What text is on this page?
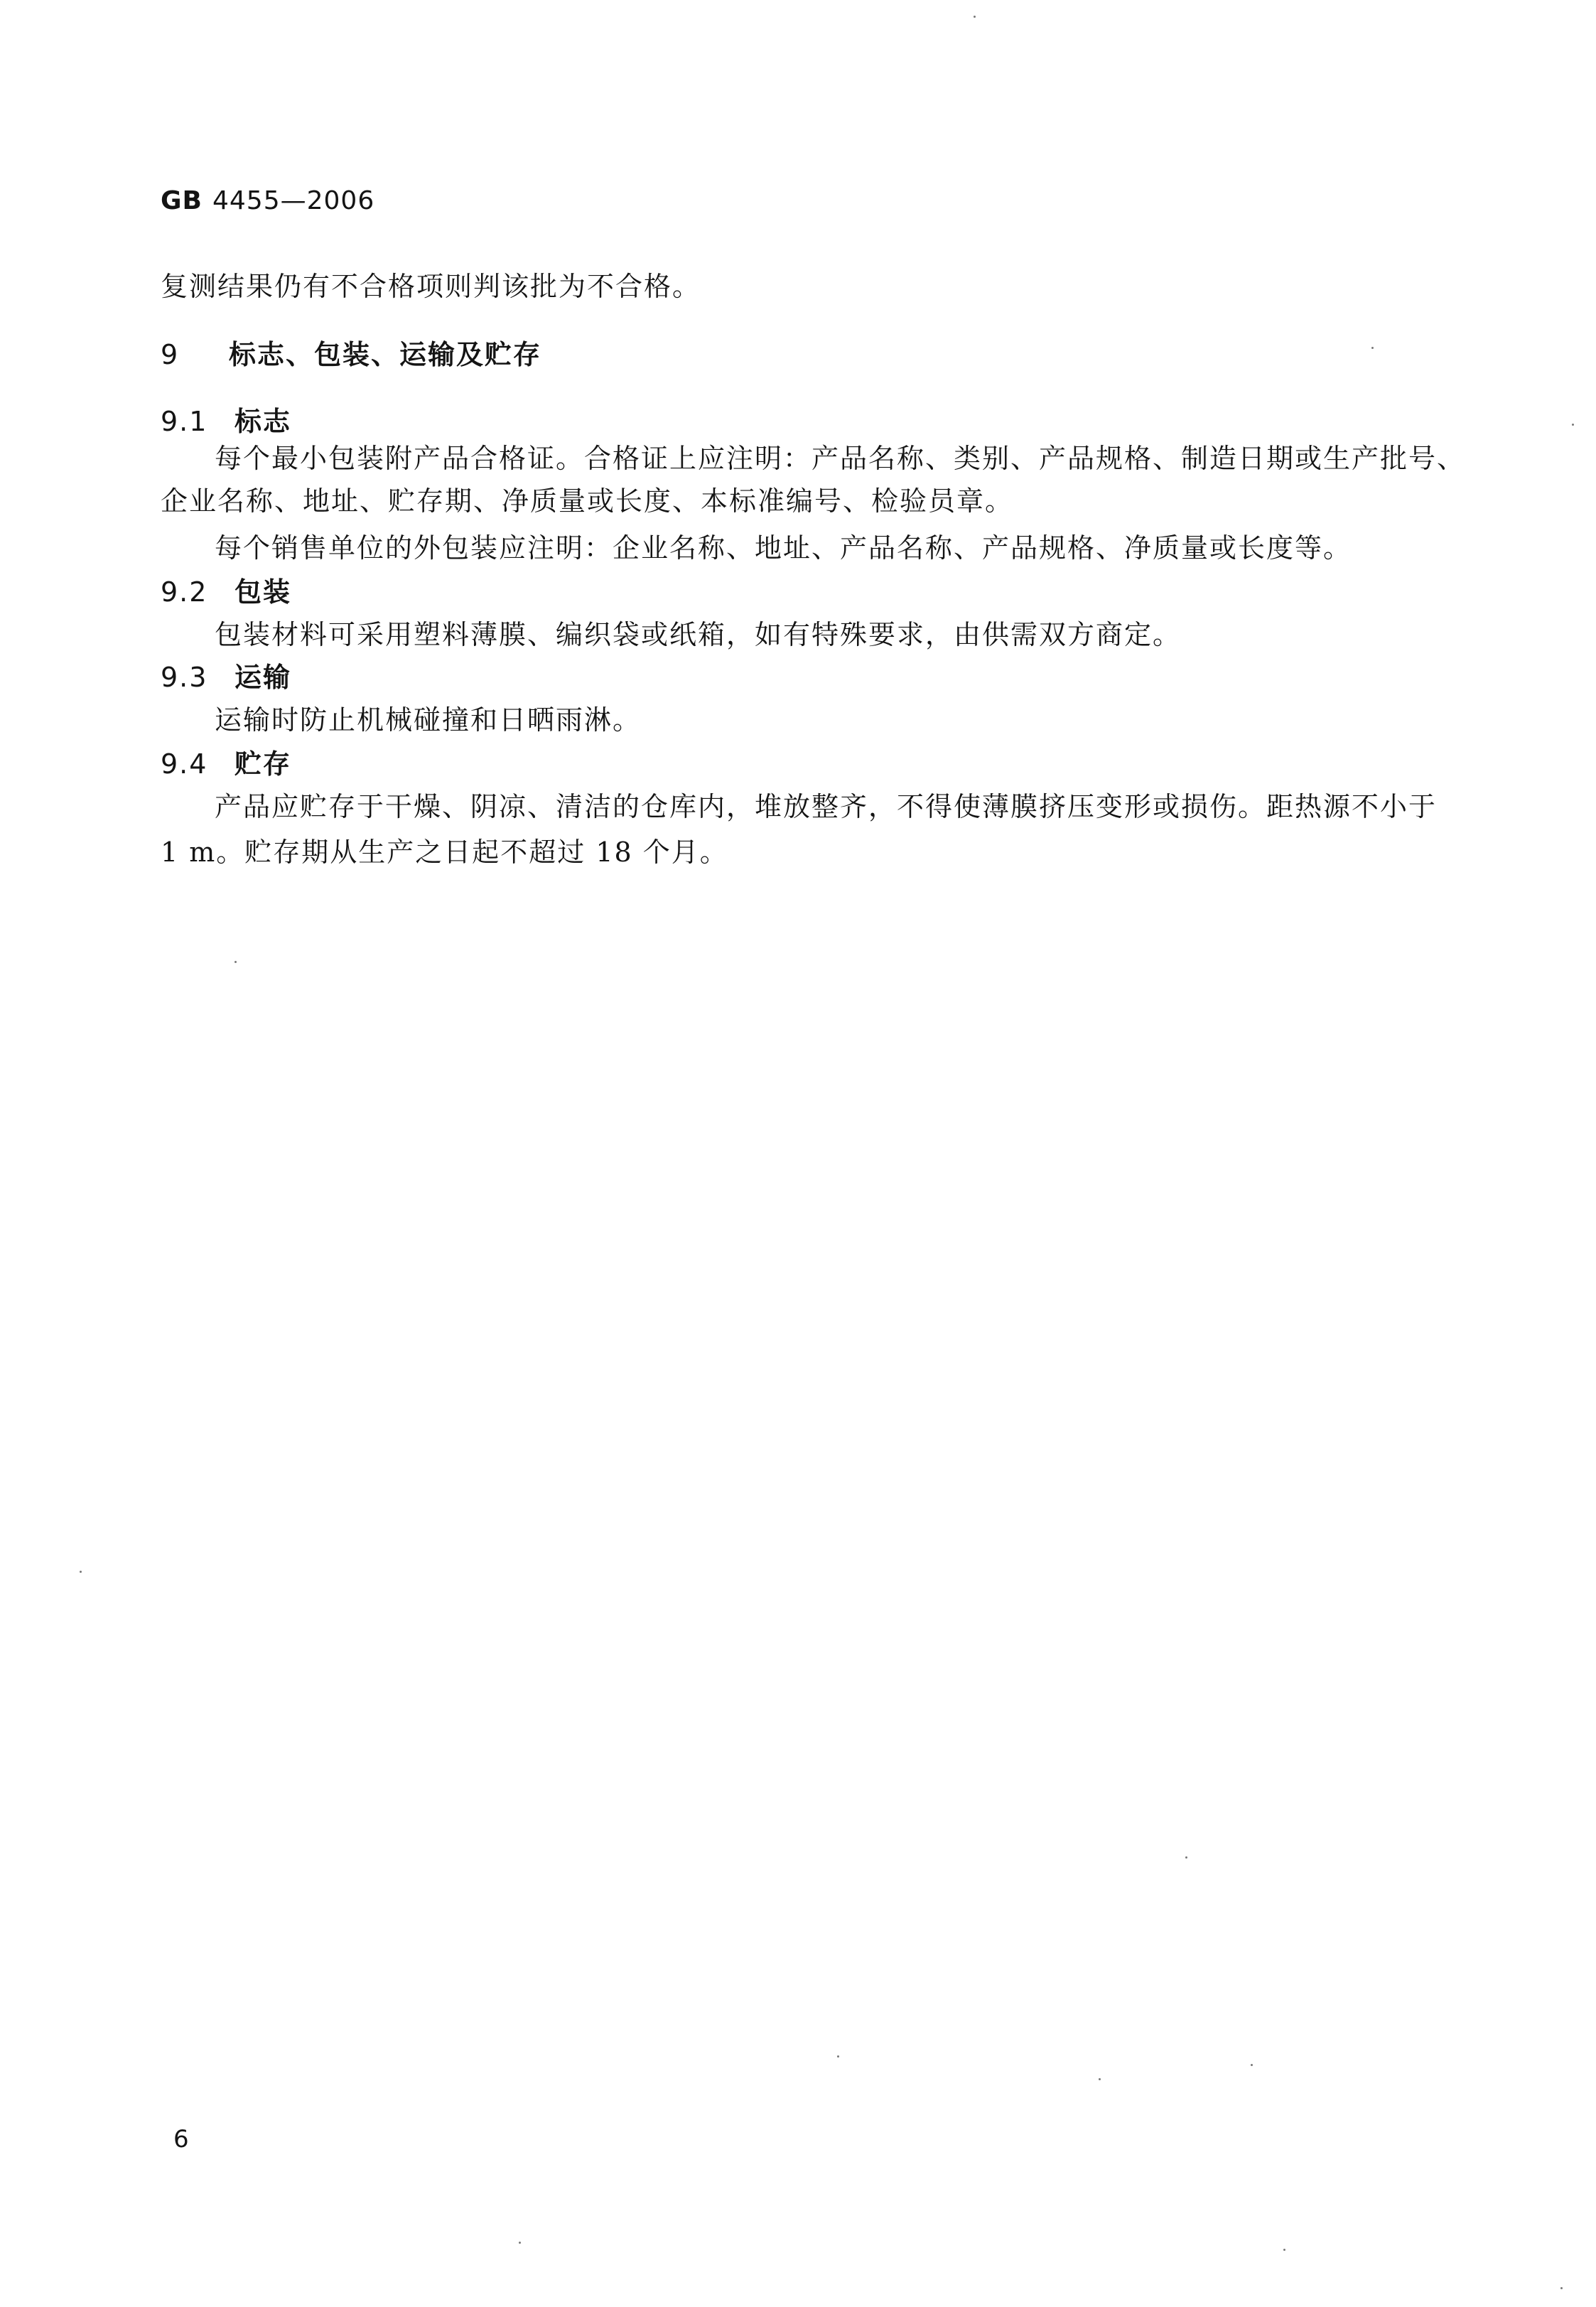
GB 4455—2006
复测结果仍有不合格项则判该批为不合格。
9 标志、包装、运输及贮存
9.1 标志
每个最小包装附产品合格证。合格证上应注明：产品名称、类别、产品规格、制造日期或生产批号、
企业名称、地址、贮存期、净质量或长度、本标准编号、检验员章。
每个销售单位的外包装应注明：企业名称、地址、产品名称、产品规格、净质量或长度等。
9.2 包装
包装材料可采用塑料薄膜、编织袋或纸箱，如有特殊要求，由供需双方商定。
9.3 运输
运输时防止机械碰撞和日晒雨淋。
9.4 贮存
产品应贮存于干燥、阴凉、清洁的仓库内，堆放整齐，不得使薄膜挤压变形或损伤。距热源不小于
1 m。贮存期从生产之日起不超过 18 个月。
6
